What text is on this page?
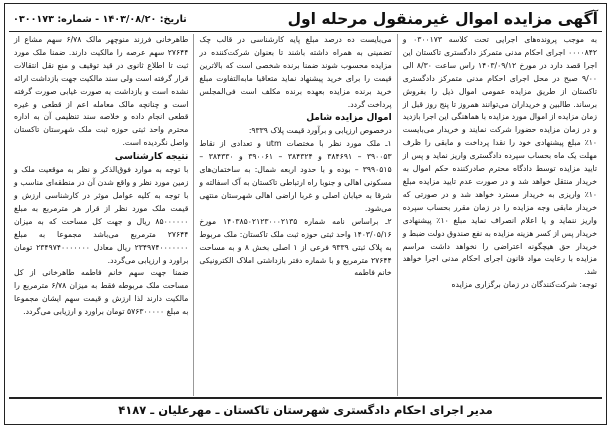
آگهی مزایده اموال غیرمنقول مرحله اول
تاریخ: ۱۴۰۳/۰۸/۲۰ - شماره: ۰۳۰۰۱۷۳

به موجب پرونده‌های اجرایی تحت کلاسه ۰۳۰۰۱۷۳ و ۰۰۰۰۸۴۲ اجرای احکام مدنی متمرکز دادگستری تاکستان این اجرا قصد دارد در مورخ ۱۴۰۳/۰۹/۱۲ راس ساعت ۸/۳۰ الی ۹/۰۰ صبح در محل اجرای احکام مدنی متمرکز دادگستری تاکستان از طریق مزایده عمومی اموال ذیل را بفروش برساند. طالبین و خریداران می‌توانند همروز تا پنج روز قبل از زمان مزایده از اموال مورد مزایده با هماهنگی این اجرا بازدید و در زمان مزایده حضورا شرکت نمایند و خریدار می‌بایست ۱۰٪ مبلغ پیشنهادی خود را نقدا پرداخت و مابقی را ظرف مهلت یک ماه بحساب سپرده دادگستری واریز نماید و پس از تایید مزایده توسط دادگاه محترم صادرکننده حکم اموال به خریدار منتقل خواهد شد و در صورت عدم تایید مزایده مبلغ ۱۰٪ واریزی به خریدار مسترد خواهد شد و در صورتی که خریدار مابقی وجه مزایده را در زمان مقرر بحساب سپرده واریز ننماید و یا اعلام انصراف نماید مبلغ ۱۰٪ پیشنهادی خریدار پس از کسر هزینه مزایده به نفع صندوق دولت ضبط و خریدار حق هیچگونه اعتراضی را نخواهد داشت مراسم مزایده با رعایت مواد قانون اجرای احکام مدنی اجرا خواهد شد.

توجه: شرکت‌کنندگان در زمان برگزاری مزایده

می‌بایست ده درصد مبلغ پایه کارشناسی در قالب چک تضمینی به همراه داشته باشند تا بعنوان شرکت‌کننده در مزایده محسوب شوند ضمنا برنده شخصی است که بالاترین قیمت را برای خرید پیشنهاد نماید متعاقبا مابه‌التفاوت مبلغ خرید برنده مزایده بعهده برنده مکلف است فی‌المجلس پرداخت گردد.

اموال مزایده شامل

درخصوص ارزیابی و برآورد قیمت پلاک ۹۳۳۹:

۱ـ ملک مورد نظر با مختصات utm و تعدادی از نقاط ۳۹۰۰۵۳ – ۳۸۴۶۹۱ و ۳۸۴۳۲۴ – ۳۹۰۰۶۱ و ۳۸۴۳۳۰ – ۳۹۹۰۵۱۵ – بوده و با حدود اربعه شمال: به ساختمان‌های مسکونی اهالی و جنوبا راه ارتباطی تاکستان به آک اسفالته و شرقا به خیابان اصلی و غربا اراضی اهالی شهرستان منتهی می‌شود.

۲ـ براساس نامه شماره ۱۴۰۳۸۵۰۲۱۲۳۰۰۰۲۱۳۵ مورخ ۱۴۰۳/۰۵/۱۶ واحد ثبتی حوزه ثبت ملک تاکستان: ملک مربوط به پلاک ثبتی ۹۳۳۹ فرعی از ۱ اصلی بخش ۸ و به مساحت ۲۷۶۴۴ مترمربع و با شماره دفتر بازداشتی املاک الکترونیکی خانم فاطمه

طاهرخانی فرزند منوچهر مالک ۶/۷۸ سهم مشاع از ۲۷۶۴۴ سهم عرصه را مالکیت دارند. ضمنا ملک مورد ثبت تا اطلاع ثانوی در قید توقیف و منع نقل انتقالات قرار گرفته است ولی سند مالکیت جهت بازداشت ارائه نشده است و بازداشت به صورت غیابی صورت گرفته است و چنانچه مالک معامله اعم از قطعی و غیره قطعی انجام داده و خلاصه سند تنظیمی آن به اداره محترم واحد ثبتی حوزه ثبت ملک شهرستان تاکستان واصل نگردیده است.

نتیجه کارشناسی

با توجه به موارد فوق‌الذکر و نظر به موقعیت ملک و زمین مورد نظر و واقع شدن آن در منطقه‌ای مناسب و با توجه به کلیه عوامل موثر در کارشناسی ارزش و قیمت ملک مورد نظر از قرار هر مترمربع به مبلغ ۸۵۰۰۰۰۰۰ ریال و جهت کل مساحت که به میزان ۲۷۶۴۴ مترمربع می‌باشد مجموعا به مبلغ ۲۳۴۹۷۴۰۰۰۰۰۰۰ ریال معادل ۲۳۴۹۷۴۰۰۰۰۰۰۰ تومان براورد و ارزیابی می‌گردد.

ضمنا جهت سهم خانم فاطمه طاهرخانی از کل مساحت ملک مربوطه فقط به میزان ۶/۷۸ مترمربع را مالکیت دارند لذا ارزش و قیمت سهم ایشان مجموعا به مبلغ ۵۷۶۳۰۰۰۰۰ تومان براورد و ارزیابی می‌گردد.

مدیر اجرای احکام دادگستری شهرستان تاکستان ـ مهرعلیان ـ ۴۱۸۷
